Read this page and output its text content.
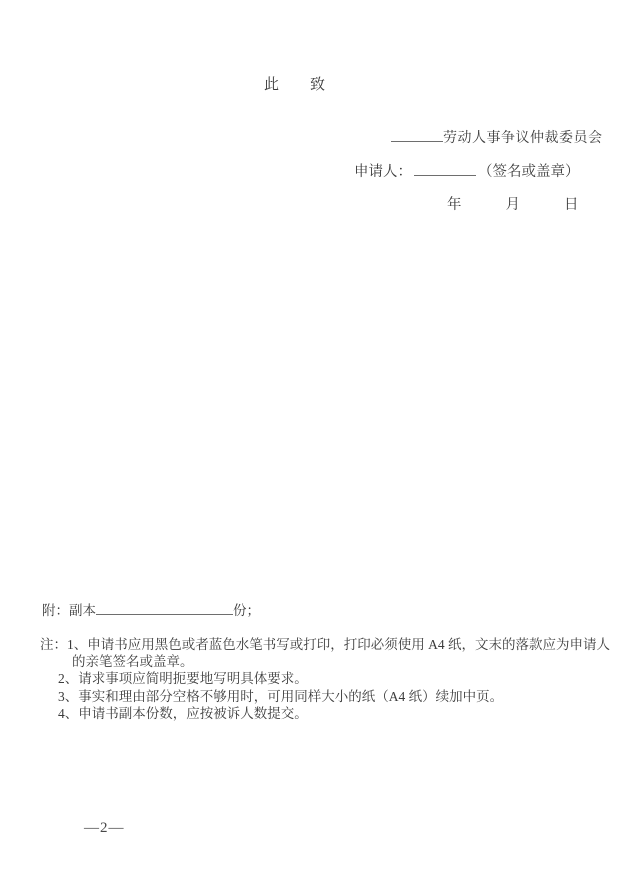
此 致
劳动人事争议仲裁委员会
申请人：	（签名或盖章）
年	月	日
附：副本	份；
注：1、申请书应用黑色或者蓝色水笔书写或打印，打印必须使用 A4 纸，文末的落款应为申请人
的亲笔签名或盖章。
2、请求事项应简明扼要地写明具体要求。
3、事实和理由部分空格不够用时，可用同样大小的纸（A4 纸）续加中页。
4、申请书副本份数，应按被诉人数提交。
—2—
